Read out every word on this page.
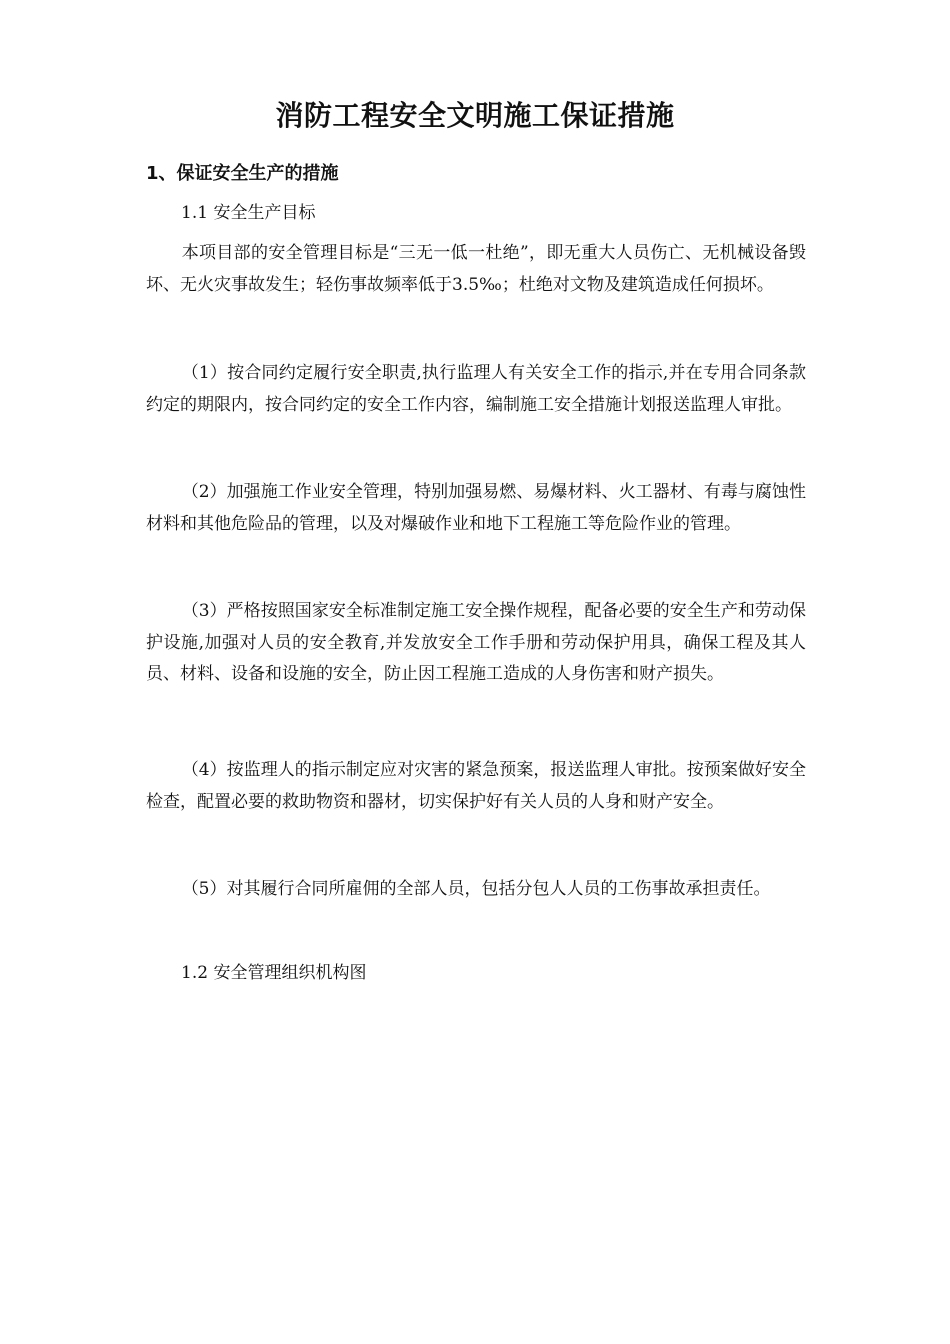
消防工程安全文明施工保证措施
1、保证安全生产的措施
1.1 安全生产目标
本项目部的安全管理目标是“三无一低一杜绝”，即无重大人员伤亡、无机械设备毁坏、无火灾事故发生；轻伤事故频率低于3.5‰；杜绝对文物及建筑造成任何损坏。
（1）按合同约定履行安全职责,执行监理人有关安全工作的指示,并在专用合同条款约定的期限内，按合同约定的安全工作内容，编制施工安全措施计划报送监理人审批。
（2）加强施工作业安全管理，特别加强易燃、易爆材料、火工器材、有毒与腐蚀性材料和其他危险品的管理，以及对爆破作业和地下工程施工等危险作业的管理。
（3）严格按照国家安全标准制定施工安全操作规程，配备必要的安全生产和劳动保护设施,加强对人员的安全教育,并发放安全工作手册和劳动保护用具，确保工程及其人员、材料、设备和设施的安全，防止因工程施工造成的人身伤害和财产损失。
（4）按监理人的指示制定应对灾害的紧急预案，报送监理人审批。按预案做好安全检查，配置必要的救助物资和器材，切实保护好有关人员的人身和财产安全。
（5）对其履行合同所雇佣的全部人员，包括分包人人员的工伤事故承担责任。
1.2 安全管理组织机构图
